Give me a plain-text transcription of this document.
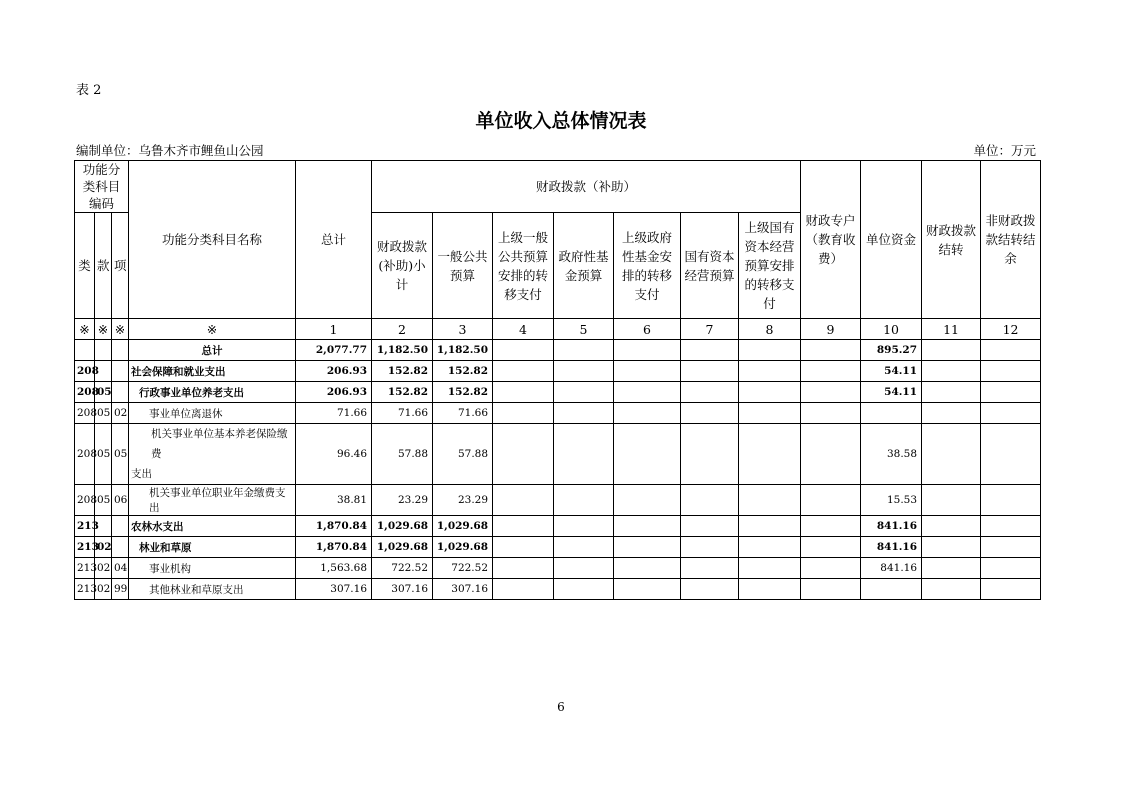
表 2
单位收入总体情况表
编制单位：乌鲁木齐市鲤鱼山公园	单位：万元
功能分类科目编码			功能分类科目名称	总计	财政拨款（补助）							财政专户（教育收费）	单位资金	财政拨款结转	非财政拨款结转结余
类	款	项			财政拨款(补助)小计	一般公共预算	上级一般公共预算安排的转移支付	政府性基金预算	上级政府性基金安排的转移支付	国有资本经营预算	上级国有资本经营预算安排的转移支付				

※	※	※	※	1	2	3	4	5	6	7	8	9	10	11	12
			总计	2,077.77	1,182.50	1,182.50							895.27		
208			社会保障和就业支出	206.93	152.82	152.82							54.11		
208	05		行政事业单位养老支出	206.93	152.82	152.82							54.11		
208	05	02	事业单位离退休	71.66	71.66	71.66									
208	05	05	机关事业单位基本养老保险缴费
支出	96.46	57.88	57.88							38.58		
208	05	06	机关事业单位职业年金缴费支出	38.81	23.29	23.29							15.53		
213			农林水支出	1,870.84	1,029.68	1,029.68							841.16		
213	02		林业和草原	1,870.84	1,029.68	1,029.68							841.16		
213	02	04	事业机构	1,563.68	722.52	722.52							841.16		
213	02	99	其他林业和草原支出	307.16	307.16	307.16									
6
